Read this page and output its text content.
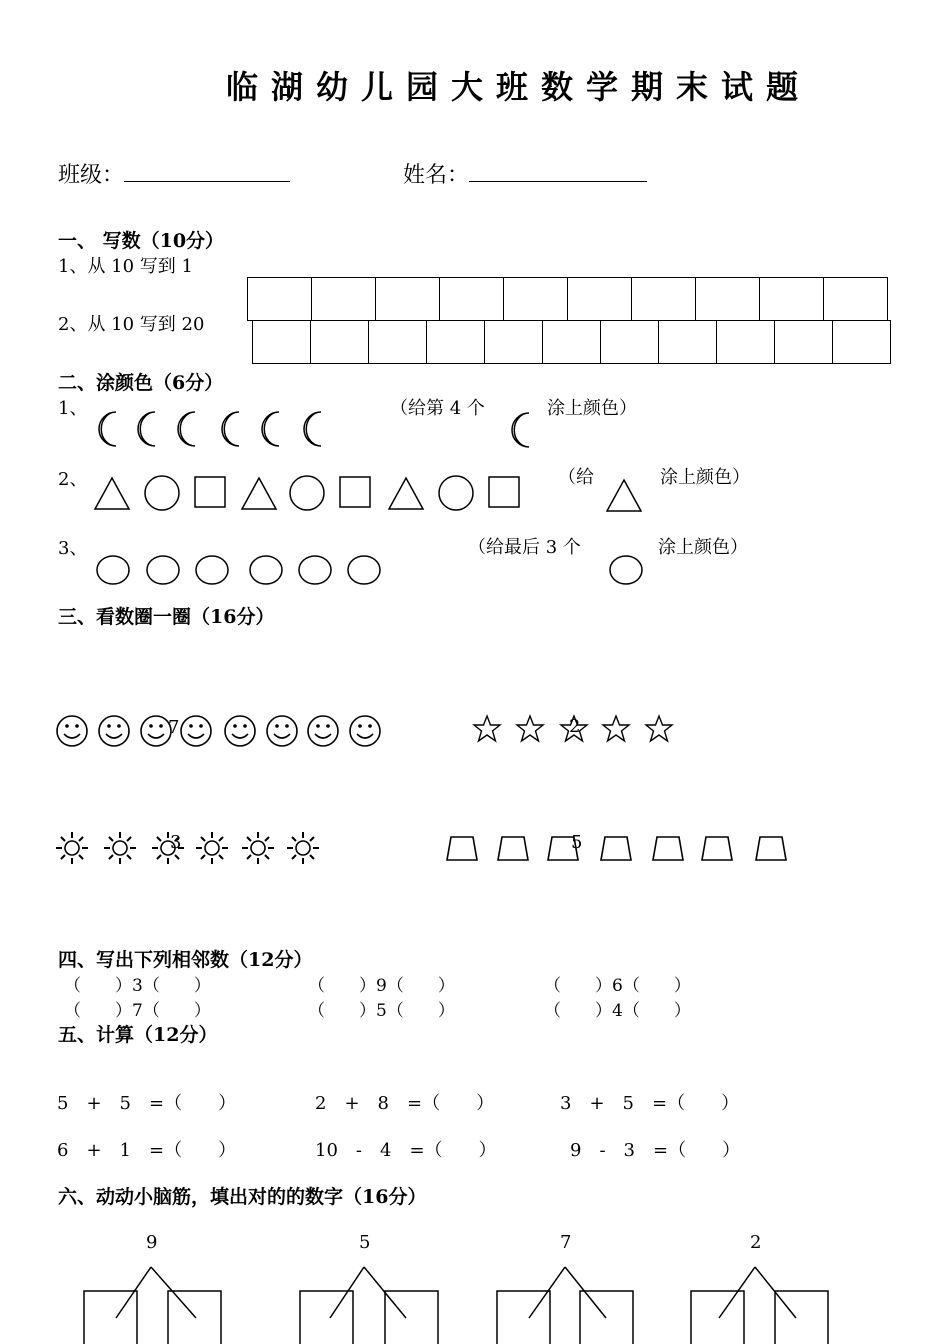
临湖幼儿园大班数学期末试题
班级：	姓名：
一、 写数（10分）
1、从 10 写到 1
2、从 10 写到 20
二、涂颜色（6分）
1、	（给第 4 个	涂上颜色）
2、	（给	涂上颜色）
3、	（给最后 3 个	涂上颜色）
三、看数圈一圈（16分）
7	2
3	5
四、写出下列相邻数（12分）
（　　）3（　　）	（　　）9（　　）	（　　）6（　　）
（　　）7（　　）	（　　）5（　　）	（　　）4（　　）
五、计算（12分）
5　+　5　=（　　）	2　+　8　=（　　）	3　+　5　=（　　）
6　+　1　=（　　）	10　-　4　=（　　）	9　-　3　=（　　）
六、动动小脑筋，填出对的的数字（16分）
9	5	7	2
